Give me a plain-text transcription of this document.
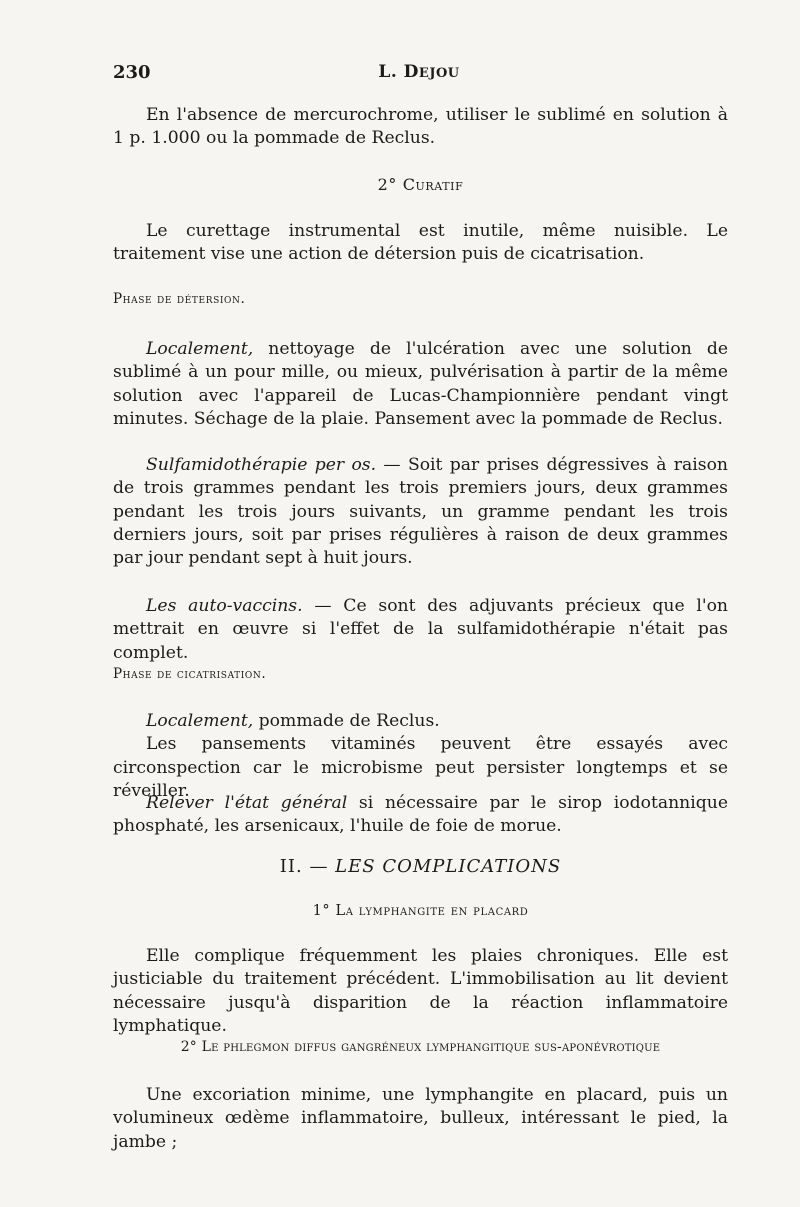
230	L. DEJOU

En l'absence de mercurochrome, utiliser le sublimé en solution à 1 p. 1.000 ou la pommade de Reclus.

2° Curatif

Le curettage instrumental est inutile, même nuisible. Le traitement vise une action de détersion puis de cicatrisation.

Phase de détersion.

Localement, nettoyage de l'ulcération avec une solution de sublimé à un pour mille, ou mieux, pulvérisation à partir de la même solution avec l'appareil de Lucas-Championnière pendant vingt minutes. Séchage de la plaie. Pansement avec la pommade de Reclus.

Sulfamidothérapie per os. — Soit par prises dégressives à raison de trois grammes pendant les trois premiers jours, deux grammes pendant les trois jours suivants, un gramme pendant les trois derniers jours, soit par prises régulières à raison de deux grammes par jour pendant sept à huit jours.

Les auto-vaccins. — Ce sont des adjuvants précieux que l'on mettrait en œuvre si l'effet de la sulfamidothérapie n'était pas complet.

Phase de cicatrisation.

Localement, pommade de Reclus.

Les pansements vitaminés peuvent être essayés avec circonspection car le microbisme peut persister longtemps et se réveiller.

Relever l'état général si nécessaire par le sirop iodotannique phosphaté, les arsenicaux, l'huile de foie de morue.

II. — LES COMPLICATIONS
1° La lymphangite en placard

Elle complique fréquemment les plaies chroniques. Elle est justiciable du traitement précédent. L'immobilisation au lit devient nécessaire jusqu'à disparition de la réaction inflammatoire lymphatique.

2° Le phlegmon diffus gangréneux lymphangitique sus-aponévrotique

Une excoriation minime, une lymphangite en placard, puis un volumineux œdème inflammatoire, bulleux, intéressant le pied, la jambe ;
